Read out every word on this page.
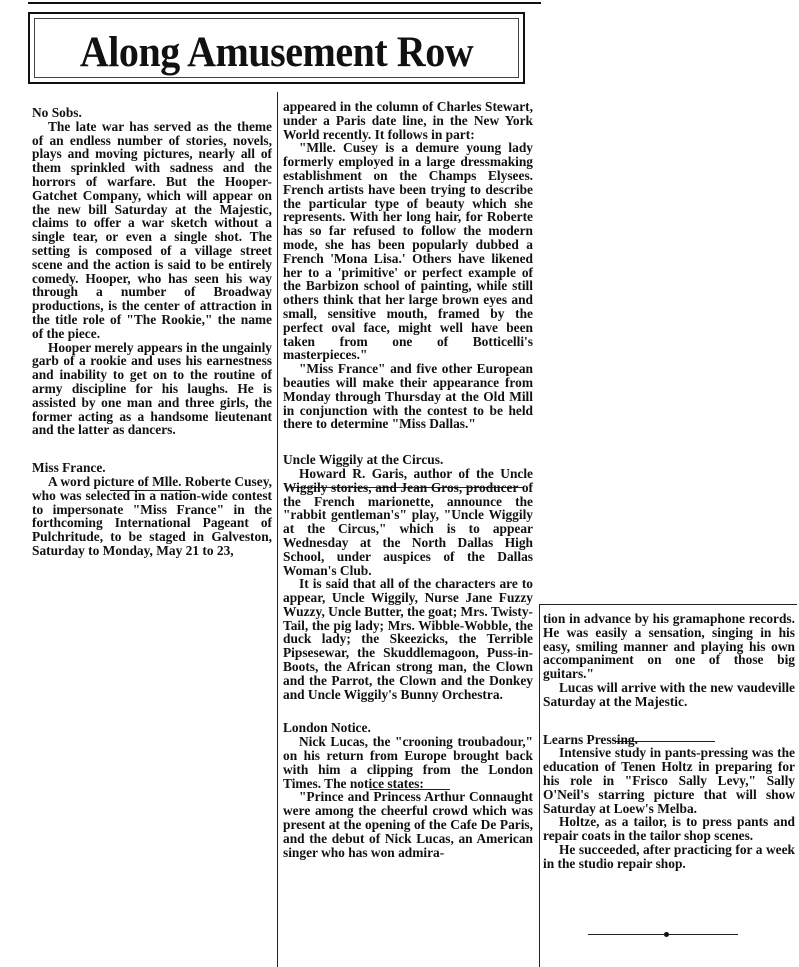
Along Amusement Row

No Sobs.

The late war has served as the theme of an endless number of stories, novels, plays and moving pictures, nearly all of them sprinkled with sadness and the horrors of warfare. But the Hooper-Gatchet Company, which will appear on the new bill Saturday at the Majestic, claims to offer a war sketch without a single tear, or even a single shot. The setting is composed of a village street scene and the action is said to be entirely comedy. Hooper, who has seen his way through a number of Broadway productions, is the center of attraction in the title role of "The Rookie," the name of the piece.

Hooper merely appears in the ungainly garb of a rookie and uses his earnestness and inability to get on to the routine of army discipline for his laughs. He is assisted by one man and three girls, the former acting as a handsome lieutenant and the latter as dancers.

Miss France.

A word picture of Mlle. Roberte Cusey, who was selected in a nation-wide contest to impersonate "Miss France" in the forthcoming International Pageant of Pulchritude, to be staged in Galveston, Saturday to Monday, May 21 to 23,

appeared in the column of Charles Stewart, under a Paris date line, in the New York World recently. It follows in part:

"Mlle. Cusey is a demure young lady formerly employed in a large dressmaking establishment on the Champs Elysees. French artists have been trying to describe the particular type of beauty which she represents. With her long hair, for Roberte has so far refused to follow the modern mode, she has been popularly dubbed a French 'Mona Lisa.' Others have likened her to a 'primitive' or perfect example of the Barbizon school of painting, while still others think that her large brown eyes and small, sensitive mouth, framed by the perfect oval face, might well have been taken from one of Botticelli's masterpieces."

"Miss France" and five other European beauties will make their appearance from Monday through Thursday at the Old Mill in conjunction with the contest to be held there to determine "Miss Dallas."

Uncle Wiggily at the Circus.

Howard R. Garis, author of the Uncle Wiggily stories, and Jean Gros, producer of the French marionette, announce the "rabbit gentleman's" play, "Uncle Wiggily at the Circus," which is to appear Wednesday at the North Dallas High School, under auspices of the Dallas Woman's Club.

It is said that all of the characters are to appear, Uncle Wiggily, Nurse Jane Fuzzy Wuzzy, Uncle Butter, the goat; Mrs. Twisty-Tail, the pig lady; Mrs. Wibble-Wobble, the duck lady; the Skeezicks, the Terrible Pipsesewar, the Skuddlemagoon, Puss-in-Boots, the African strong man, the Clown and the Parrot, the Clown and the Donkey and Uncle Wiggily's Bunny Orchestra.

London Notice.

Nick Lucas, the "crooning troubadour," on his return from Europe brought back with him a clipping from the London Times. The notice states:

"Prince and Princess Arthur Connaught were among the cheerful crowd which was present at the opening of the Cafe De Paris, and the debut of Nick Lucas, an American singer who has won admira-

tion in advance by his gramaphone records. He was easily a sensation, singing in his easy, smiling manner and playing his own accompaniment on one of those big guitars."

Lucas will arrive with the new vaudeville Saturday at the Majestic.

Learns Pressing.

Intensive study in pants-pressing was the education of Tenen Holtz in preparing for his role in "Frisco Sally Levy," Sally O'Neil's starring picture that will show Saturday at Loew's Melba.

Holtze, as a tailor, is to press pants and repair coats in the tailor shop scenes.

He succeeded, after practicing for a week in the studio repair shop.
